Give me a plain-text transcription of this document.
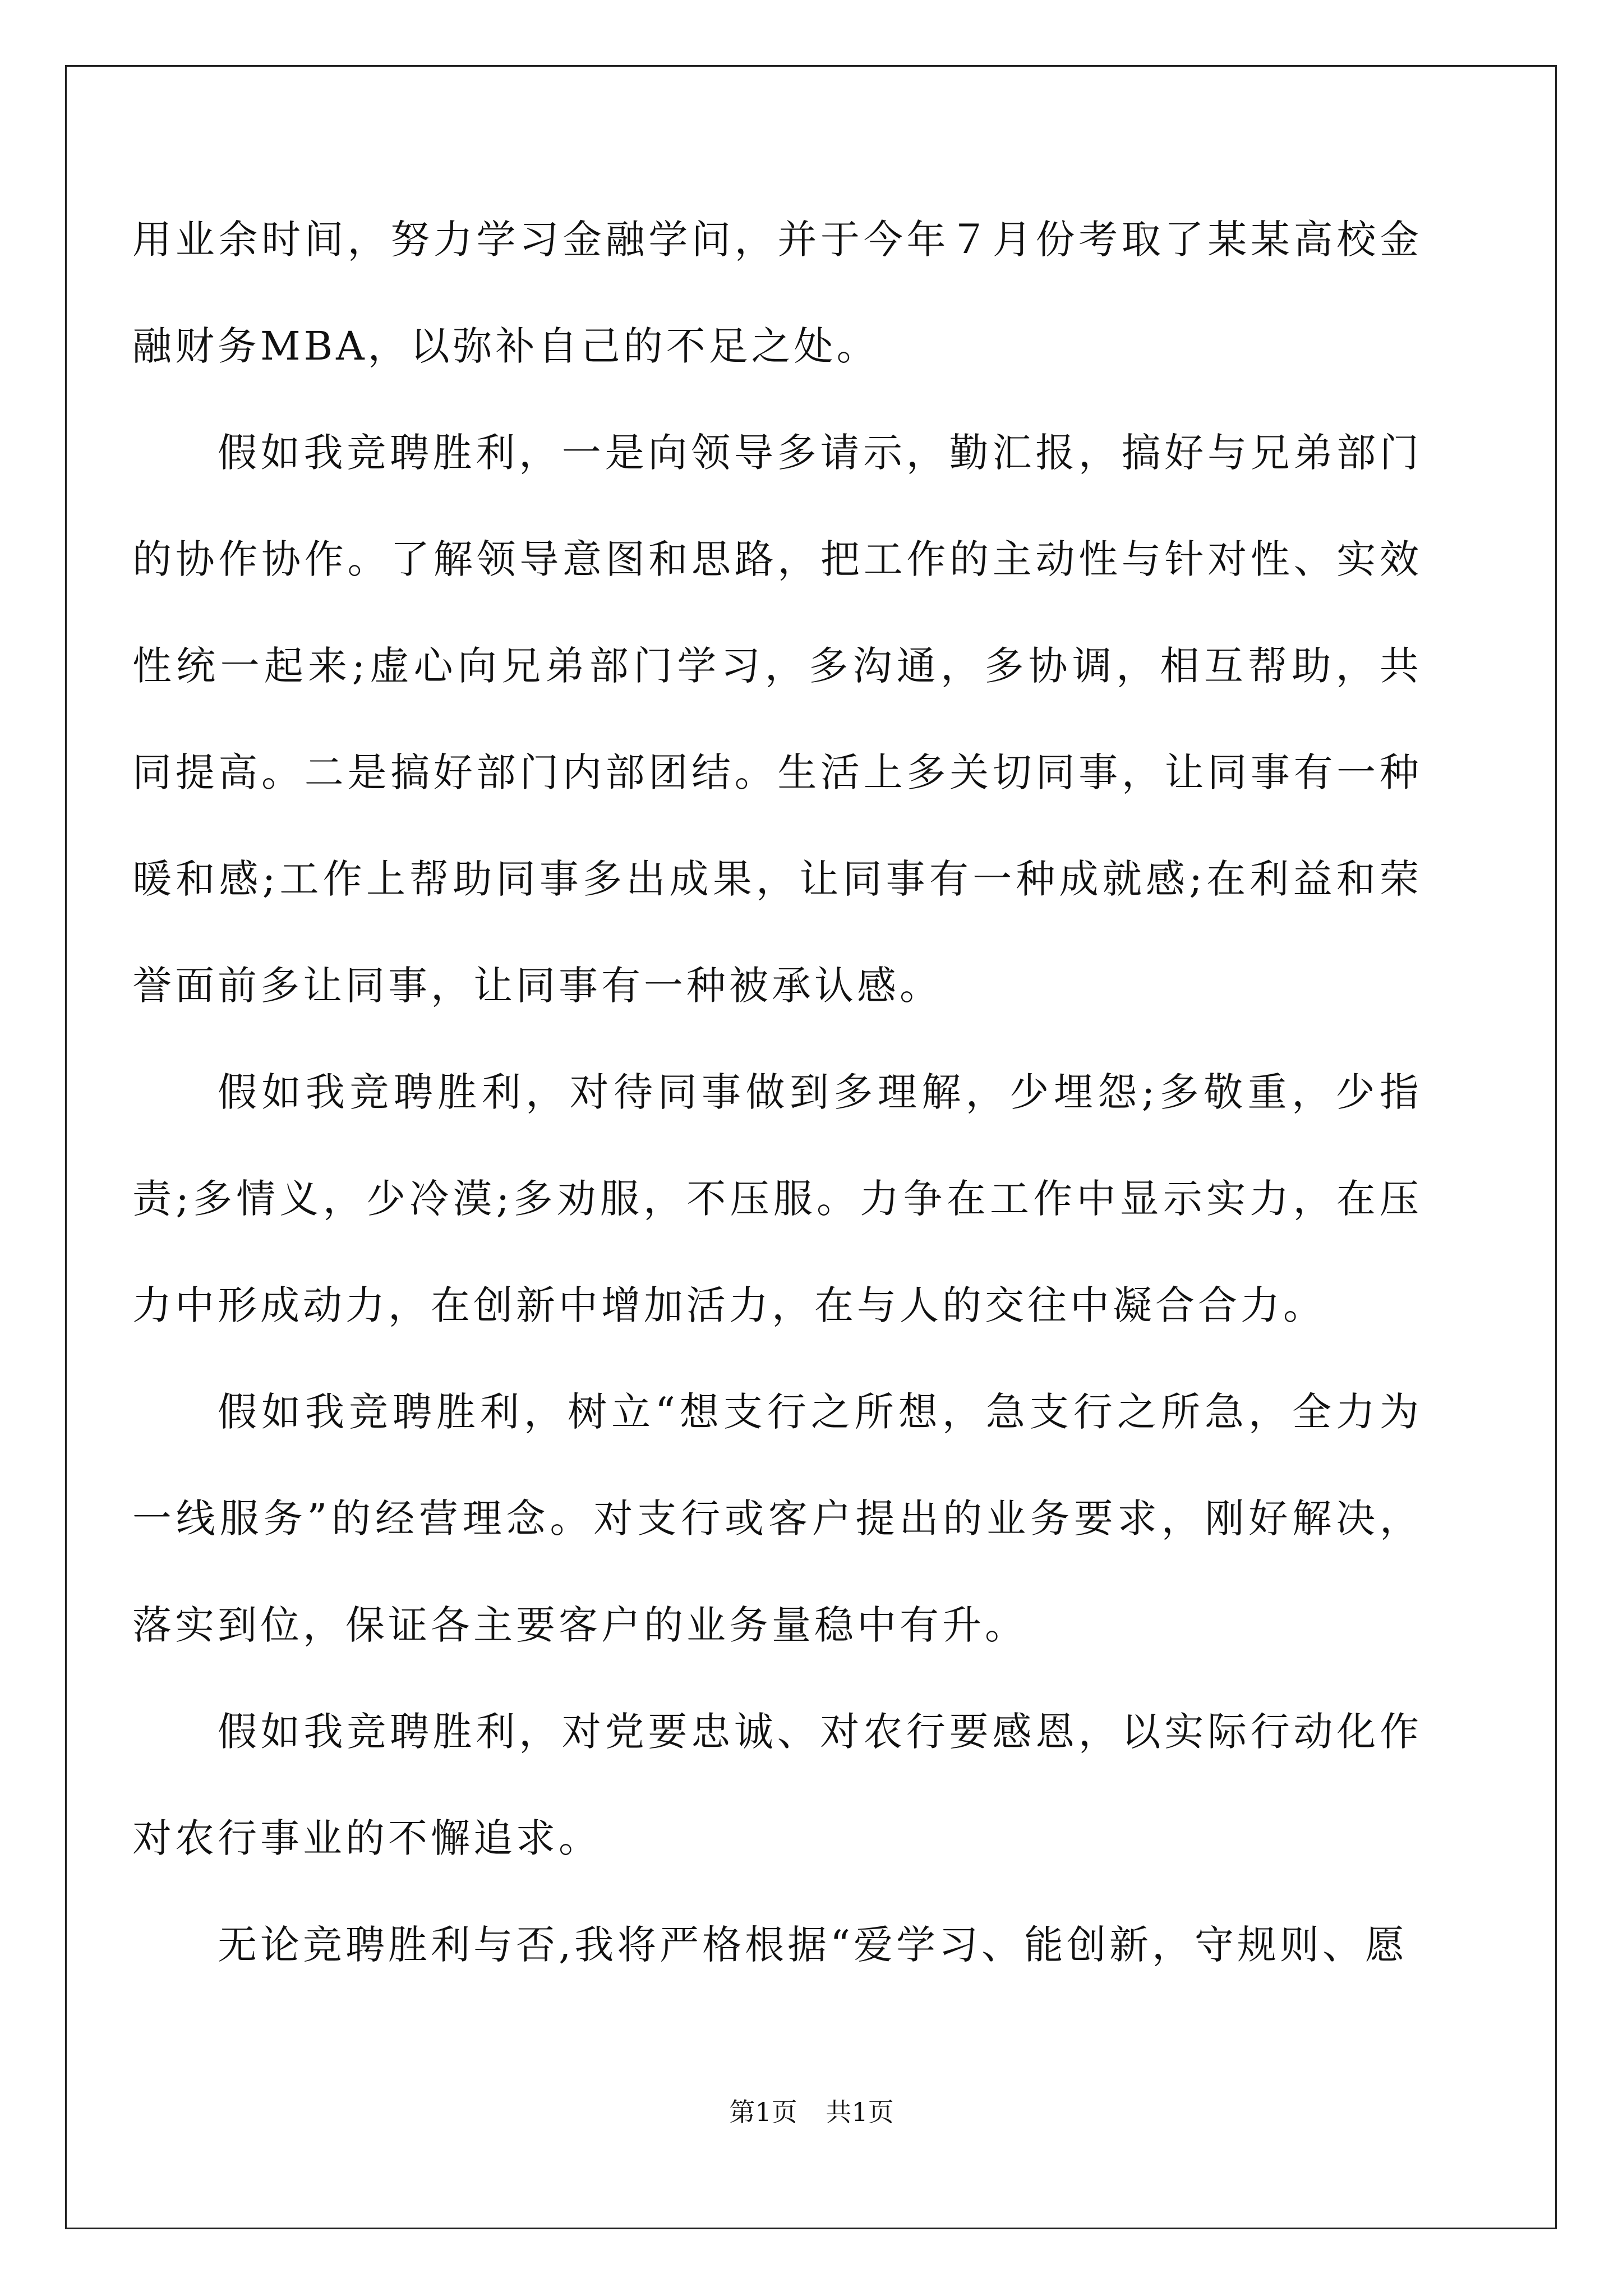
用业余时间，努力学习金融学问，并于今年７月份考取了某某高校金融财务MBA，以弥补自己的不足之处。

假如我竞聘胜利，一是向领导多请示，勤汇报，搞好与兄弟部门的协作协作。了解领导意图和思路，把工作的主动性与针对性、实效性统一起来;虚心向兄弟部门学习，多沟通，多协调，相互帮助，共同提高。二是搞好部门内部团结。生活上多关切同事，让同事有一种暖和感;工作上帮助同事多出成果，让同事有一种成就感;在利益和荣誉面前多让同事，让同事有一种被承认感。

假如我竞聘胜利，对待同事做到多理解，少埋怨;多敬重，少指责;多情义，少冷漠;多劝服，不压服。力争在工作中显示实力，在压力中形成动力，在创新中增加活力，在与人的交往中凝合合力。

假如我竞聘胜利，树立“想支行之所想，急支行之所急，全力为一线服务”的经营理念。对支行或客户提出的业务要求，刚好解决，落实到位，保证各主要客户的业务量稳中有升。

假如我竞聘胜利，对党要忠诚、对农行要感恩，以实际行动化作对农行事业的不懈追求。

无论竞聘胜利与否,我将严格根据“爱学习、能创新，守规则、愿

第1页 共1页
